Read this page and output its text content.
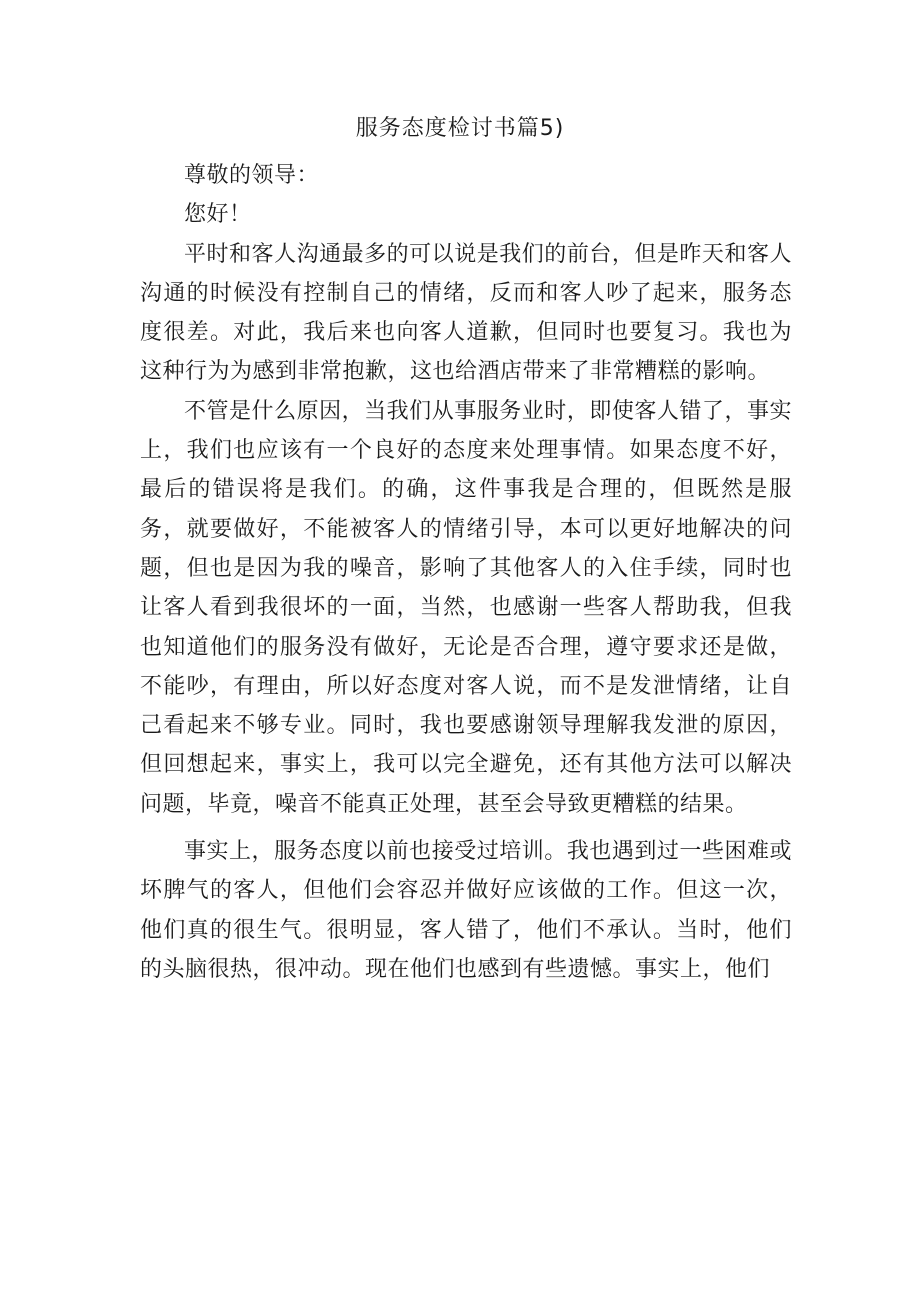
服务态度检讨书篇5)

尊敬的领导：

您好！

平时和客人沟通最多的可以说是我们的前台，但是昨天和客人沟通的时候没有控制自己的情绪，反而和客人吵了起来，服务态度很差。对此，我后来也向客人道歉，但同时也要复习。我也为这种行为为感到非常抱歉，这也给酒店带来了非常糟糕的影响。

不管是什么原因，当我们从事服务业时，即使客人错了，事实上，我们也应该有一个良好的态度来处理事情。如果态度不好，最后的错误将是我们。的确，这件事我是合理的，但既然是服务，就要做好，不能被客人的情绪引导，本可以更好地解决的问题，但也是因为我的噪音，影响了其他客人的入住手续，同时也让客人看到我很坏的一面，当然，也感谢一些客人帮助我，但我也知道他们的服务没有做好，无论是否合理，遵守要求还是做，不能吵，有理由，所以好态度对客人说，而不是发泄情绪，让自己看起来不够专业。同时，我也要感谢领导理解我发泄的原因，但回想起来，事实上，我可以完全避免，还有其他方法可以解决问题，毕竟，噪音不能真正处理，甚至会导致更糟糕的结果。

事实上，服务态度以前也接受过培训。我也遇到过一些困难或坏脾气的客人，但他们会容忍并做好应该做的工作。但这一次，他们真的很生气。很明显，客人错了，他们不承认。当时，他们的头脑很热，很冲动。现在他们也感到有些遗憾。事实上，他们
